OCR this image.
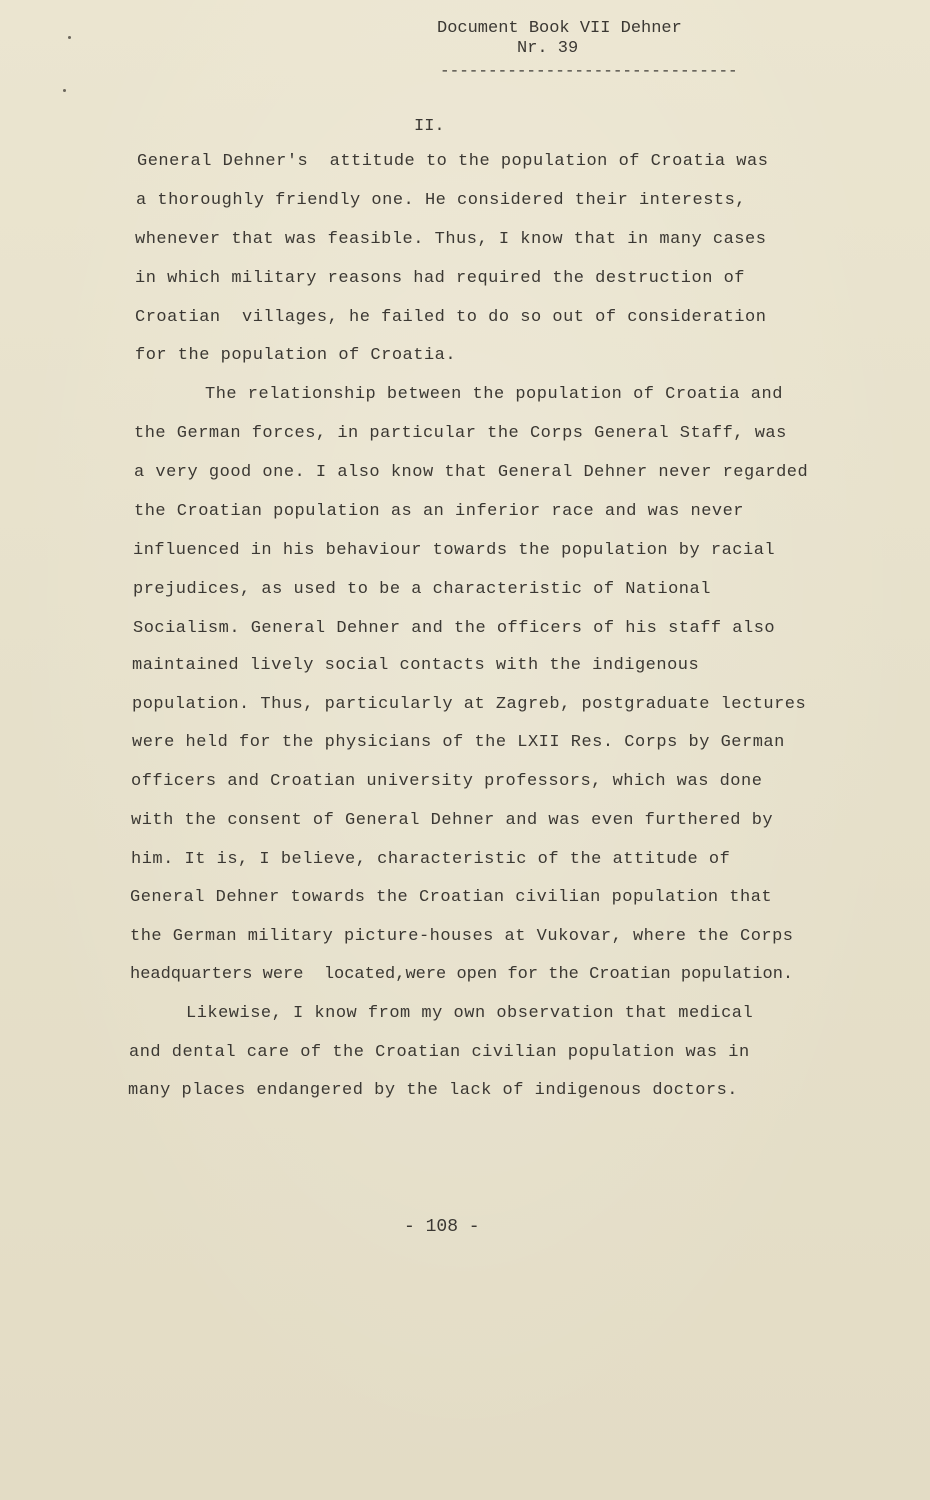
Document Book VII Dehner
Nr. 39
-------------------------------
II.
General Dehner's  attitude to the population of Croatia was
a thoroughly friendly one. He considered their interests,
whenever that was feasible. Thus, I know that in many cases
in which military reasons had required the destruction of
Croatian  villages, he failed to do so out of consideration
for the population of Croatia.
The relationship between the population of Croatia and
the German forces, in particular the Corps General Staff, was
a very good one. I also know that General Dehner never regarded
the Croatian population as an inferior race and was never
influenced in his behaviour towards the population by racial
prejudices, as used to be a characteristic of National
Socialism. General Dehner and the officers of his staff also
maintained lively social contacts with the indigenous
population. Thus, particularly at Zagreb, postgraduate lectures
were held for the physicians of the LXII Res. Corps by German
officers and Croatian university professors, which was done
with the consent of General Dehner and was even furthered by
him. It is, I believe, characteristic of the attitude of
General Dehner towards the Croatian civilian population that
the German military picture-houses at Vukovar, where the Corps
headquarters were  located,were open for the Croatian population.
Likewise, I know from my own observation that medical
and dental care of the Croatian civilian population was in
many places endangered by the lack of indigenous doctors.
- 108 -
